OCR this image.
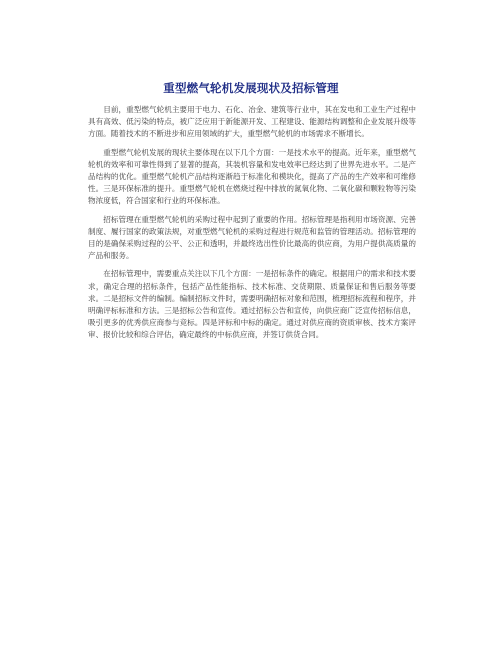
重型燃气轮机发展现状及招标管理

目前，重型燃气轮机主要用于电力、石化、冶金、建筑等行业中，其在发电和工业生产过程中具有高效、低污染的特点，被广泛应用于新能源开发、工程建设、能源结构调整和企业发展升级等方面。随着技术的不断进步和应用领域的扩大，重型燃气轮机的市场需求不断增长。

重型燃气轮机发展的现状主要体现在以下几个方面：一是技术水平的提高。近年来，重型燃气轮机的效率和可靠性得到了显著的提高，其装机容量和发电效率已经达到了世界先进水平。二是产品结构的优化。重型燃气轮机产品结构逐渐趋于标准化和模块化，提高了产品的生产效率和可维修性。三是环保标准的提升。重型燃气轮机在燃烧过程中排放的氮氧化物、二氧化碳和颗粒物等污染物浓度低，符合国家和行业的环保标准。

招标管理在重型燃气轮机的采购过程中起到了重要的作用。招标管理是指利用市场资源、完善制度、履行国家的政策法规，对重型燃气轮机的采购过程进行规范和监管的管理活动。招标管理的目的是确保采购过程的公平、公正和透明，并最终选出性价比最高的供应商，为用户提供高质量的产品和服务。

在招标管理中，需要重点关注以下几个方面：一是招标条件的确定。根据用户的需求和技术要求，确定合理的招标条件，包括产品性能指标、技术标准、交货期限、质量保证和售后服务等要求。二是招标文件的编制。编制招标文件时，需要明确招标对象和范围，梳理招标流程和程序，并明确评标标准和方法。三是招标公告和宣传。通过招标公告和宣传，向供应商广泛宣传招标信息，吸引更多的优秀供应商参与竞标。四是评标和中标的确定。通过对供应商的资质审核、技术方案评审、报价比较和综合评估，确定最终的中标供应商，并签订供货合同。
